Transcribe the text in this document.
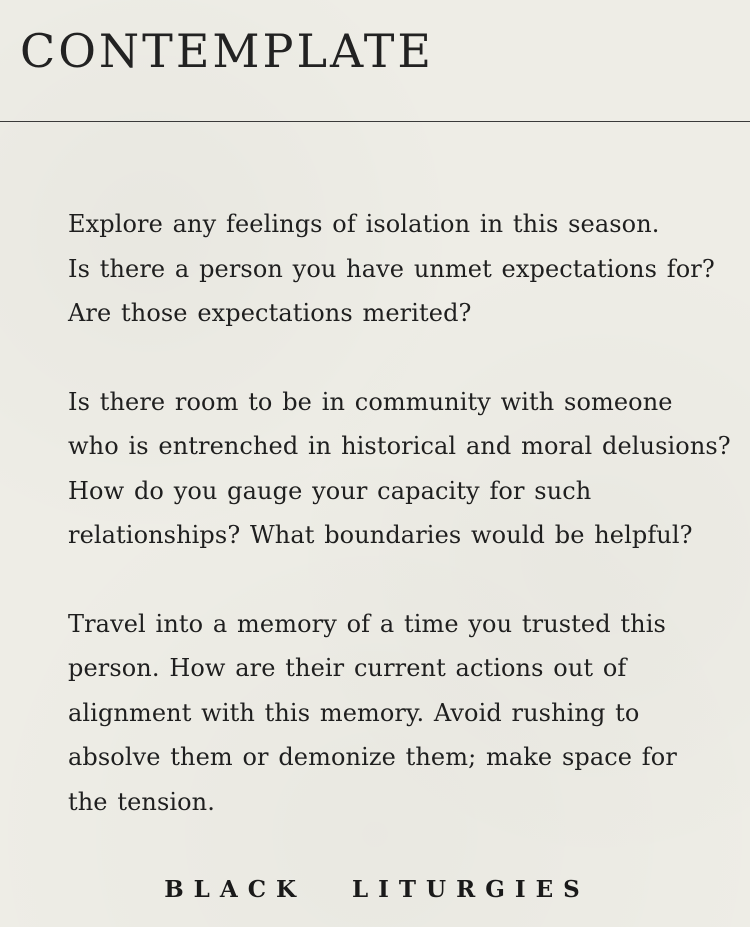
CONTEMPLATE

Explore any feelings of isolation in this season.
Is there a person you have unmet expectations for?
Are those expectations merited?

Is there room to be in community with someone
who is entrenched in historical and moral delusions?
How do you gauge your capacity for such
relationships? What boundaries would be helpful?

Travel into a memory of a time you trusted this
person. How are their current actions out of
alignment with this memory. Avoid rushing to
absolve them or demonize them; make space for
the tension.

BLACK LITURGIES
